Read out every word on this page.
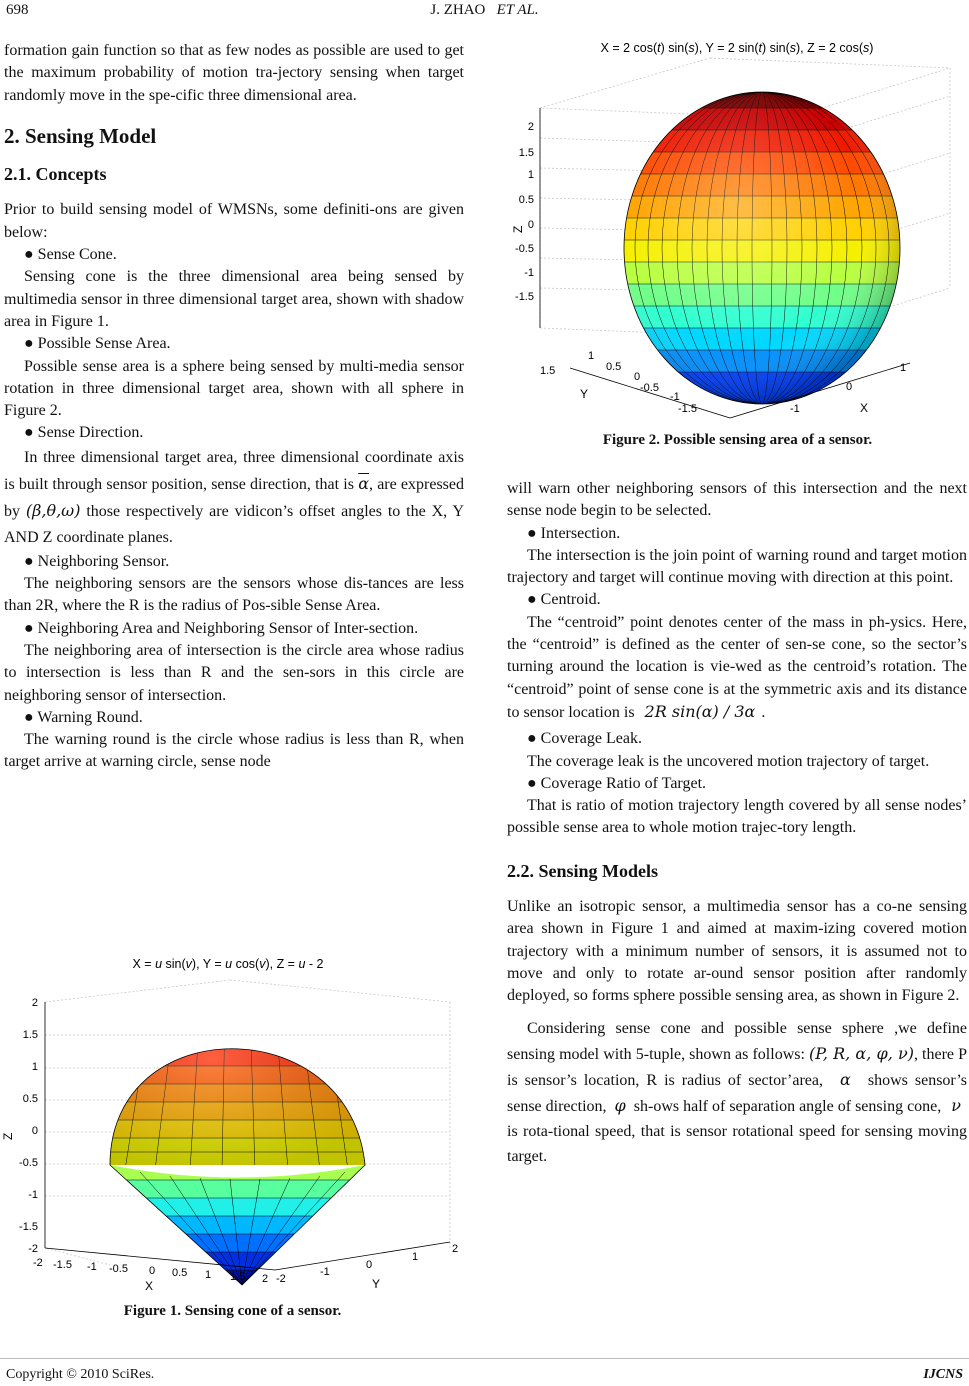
698	J. ZHAO ET AL.

formation gain function so that as few nodes as possible are used to get the maximum probability of motion tra-jectory sensing when target randomly move in the spe-cific three dimensional area.

2. Sensing Model
2.1. Concepts

Prior to build sensing model of WMSNs, some definiti-ons are given below:

● Sense Cone.

Sensing cone is the three dimensional area being sensed by multimedia sensor in three dimensional target area, shown with shadow area in Figure 1.

● Possible Sense Area.

Possible sense area is a sphere being sensed by multi-media sensor rotation in three dimensional target area, shown with all sphere in Figure 2.

● Sense Direction.

In three dimensional target area, three dimensional coordinate axis is built through sensor position, sense direction, that is $\overline{\alpha}$, are expressed by (β,θ,ω) those respectively are vidicon’s offset angles to the X, Y AND Z coordinate planes.

● Neighboring Sensor.

The neighboring sensors are the sensors whose dis-tances are less than 2R, where the R is the radius of Pos-sible Sense Area.

● Neighboring Area and Neighboring Sensor of Inter-section.

The neighboring area of intersection is the circle area whose radius to intersection is less than R and the sen-sors in this circle are neighboring sensor of intersection.

● Warning Round.

The warning round is the circle whose radius is less than R, when target arrive at warning circle, sense node

will warn other neighboring sensors of this intersection and the next sense node begin to be selected.

● Intersection.

The intersection is the join point of warning round and target motion trajectory and target will continue moving with direction at this point.

● Centroid.

The “centroid” point denotes center of the mass in ph-ysics. Here, the “centroid” is defined as the center of sen-se cone, so the sector’s turning around the location is vie-wed as the centroid’s rotation. The “centroid” point of sense cone is at the symmetric axis and its distance to sensor location is 2R sin(α) / 3α .

● Coverage Leak.

The coverage leak is the uncovered motion trajectory of target.

● Coverage Ratio of Target.

That is ratio of motion trajectory length covered by all sense nodes’ possible sense area to whole motion trajec-tory length.

2.2. Sensing Models

Unlike an isotropic sensor, a multimedia sensor has a co-ne sensing area shown in Figure 1 and aimed at maxim-izing covered motion trajectory with a minimum number of sensors, it is assumed not to move and only to rotate ar-ound sensor position after randomly deployed, so forms sphere possible sensing area, as shown in Figure 2.

Considering sense cone and possible sense sphere ,we define sensing model with 5-tuple, shown as follows: (P, R, α, φ, ν), there P is sensor’s location, R is radius of sector’area, α shows sensor’s sense direction, φ sh-ows half of separation angle of sensing cone, ν is rota-tional speed, that is sensor rotational speed for sensing moving target.

X = 2 cos(t) sin(s), Y = 2 sin(t) sin(s), Z = 2 cos(s)
2
1.5
1
0.5
0
-0.5
-1
-1.5
Z
1.5
1
0.5
0
-0.5
-1
-1.5
Y
-1
0
1
X
Figure 2. Possible sensing area of a sensor.
X = u sin(v), Y = u cos(v), Z = u - 2
2
1.5
1
0.5
0
-0.5
-1
-1.5
-2
Z
-2 -1.5 -1 -0.5 0 0.5 1 1.5 2
X	-2
-1
0
1
2
Y
Figure 1. Sensing cone of a sensor.
Copyright © 2010 SciRes.	IJCNS
